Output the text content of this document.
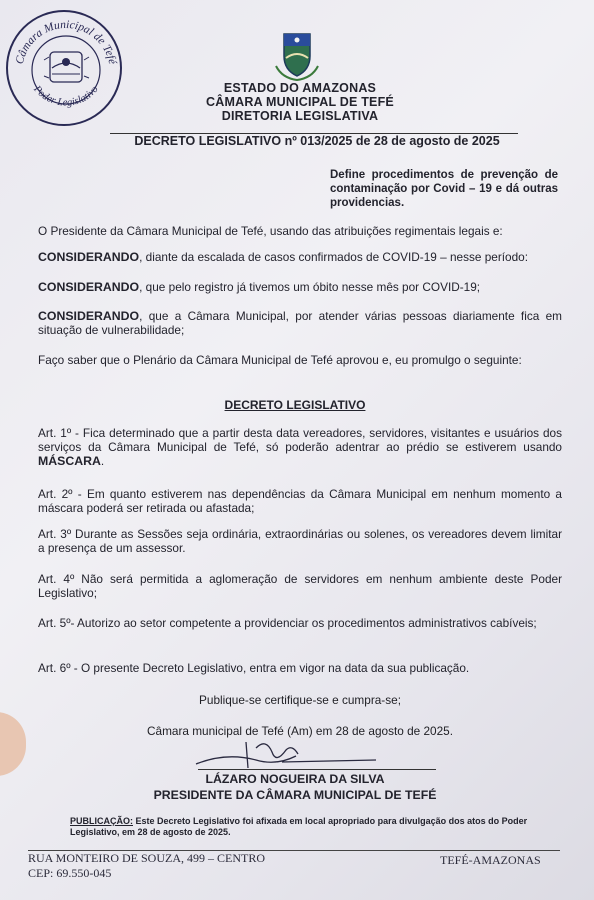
Câmara Municipal de Tefé
Poder Legislativo	ESTADO DO AMAZONAS
CÂMARA MUNICIPAL DE TEFÉ
DIRETORIA LEGISLATIVA
DECRETO LEGISLATIVO nº 013/2025 de 28 de agosto de 2025
Define procedimentos de prevenção de contaminação por Covid – 19 e dá outras providencias.
O Presidente da Câmara Municipal de Tefé, usando das atribuições regimentais legais e:
CONSIDERANDO, diante da escalada de casos confirmados de COVID-19 – nesse período:
CONSIDERANDO, que pelo registro já tivemos um óbito nesse mês por COVID-19;
CONSIDERANDO, que a Câmara Municipal, por atender várias pessoas diariamente fica em situação de vulnerabilidade;
Faço saber que o Plenário da Câmara Municipal de Tefé aprovou e, eu promulgo o seguinte:
DECRETO LEGISLATIVO
Art. 1º - Fica determinado que a partir desta data vereadores, servidores, visitantes e usuários dos serviços da Câmara Municipal de Tefé, só poderão adentrar ao prédio se estiverem usando MÁSCARA.
Art. 2º - Em quanto estiverem nas dependências da Câmara Municipal em nenhum momento a máscara poderá ser retirada ou afastada;
Art. 3º Durante as Sessões seja ordinária, extraordinárias ou solenes, os vereadores devem limitar a presença de um assessor.
Art. 4º Não será permitida a aglomeração de servidores em nenhum ambiente deste Poder Legislativo;
Art. 5º- Autorizo ao setor competente a providenciar os procedimentos administrativos cabíveis;
Art. 6º - O presente Decreto Legislativo, entra em vigor na data da sua publicação.
Publique-se certifique-se e cumpra-se;
Câmara municipal de Tefé (Am) em 28 de agosto de 2025.
LÁZARO NOGUEIRA DA SILVA
PRESIDENTE DA CÂMARA MUNICIPAL DE TEFÉ
PUBLICAÇÃO: Este Decreto Legislativo foi afixada em local apropriado para divulgação dos atos do Poder Legislativo, em 28 de agosto de 2025.
RUA MONTEIRO DE SOUZA, 499 – CENTRO
CEP: 69.550-045
TEFÉ-AMAZONAS
